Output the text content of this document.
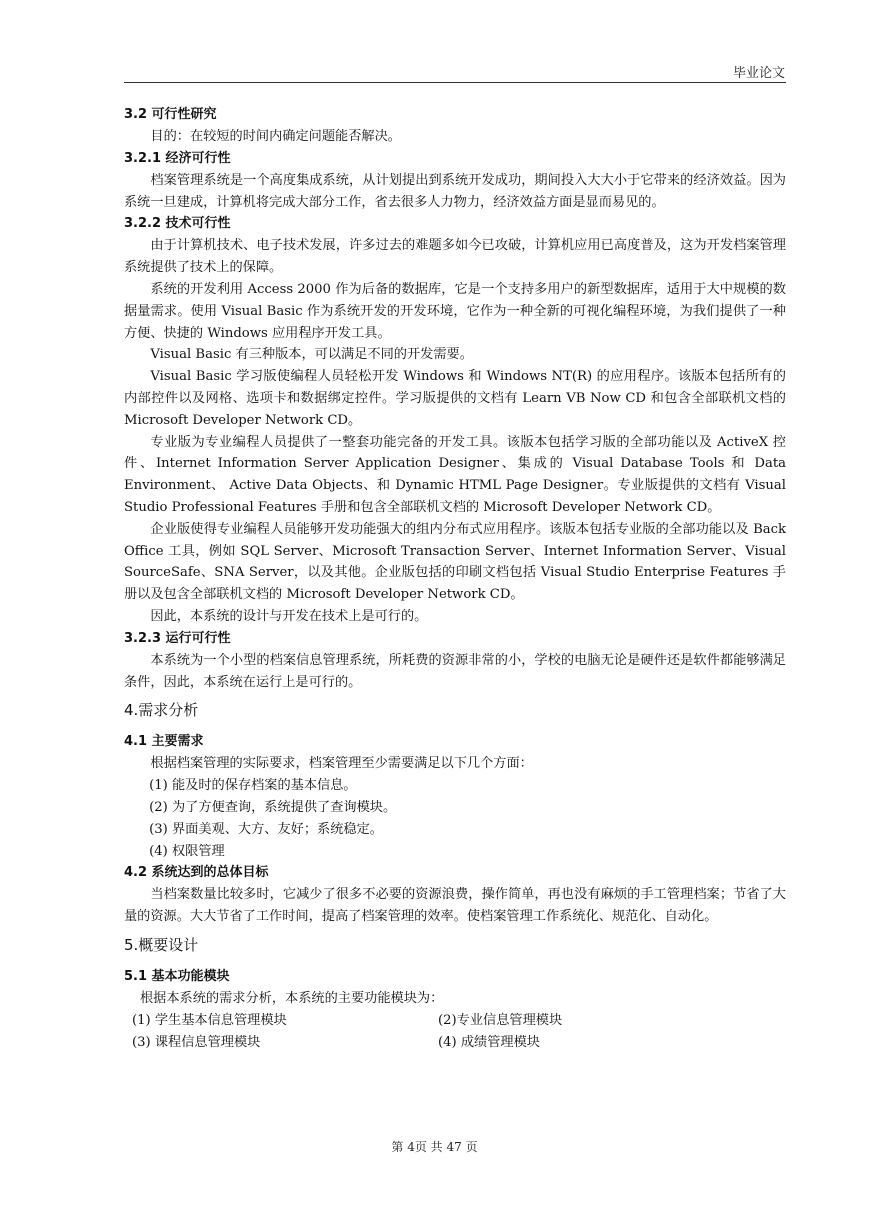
毕业论文
3.2 可行性研究
目的：在较短的时间内确定问题能否解决。
3.2.1 经济可行性
档案管理系统是一个高度集成系统，从计划提出到系统开发成功，期间投入大大小于它带来的经济效益。因为系统一旦建成，计算机将完成大部分工作，省去很多人力物力，经济效益方面是显而易见的。
3.2.2 技术可行性
由于计算机技术、电子技术发展，许多过去的难题多如今已攻破，计算机应用已高度普及，这为开发档案管理系统提供了技术上的保障。
系统的开发利用 Access 2000 作为后备的数据库，它是一个支持多用户的新型数据库，适用于大中规模的数据量需求。使用 Visual Basic 作为系统开发的开发环境，它作为一种全新的可视化编程环境，为我们提供了一种方便、快捷的 Windows 应用程序开发工具。
Visual Basic 有三种版本，可以满足不同的开发需要。
Visual Basic 学习版使编程人员轻松开发 Windows 和 Windows NT(R) 的应用程序。该版本包括所有的内部控件以及网格、选项卡和数据绑定控件。学习版提供的文档有 Learn VB Now CD 和包含全部联机文档的 Microsoft Developer Network CD。
专业版为专业编程人员提供了一整套功能完备的开发工具。该版本包括学习版的全部功能以及 ActiveX 控件、Internet Information Server Application Designer、集成的 Visual Database Tools 和 Data Environment、 Active Data Objects、和 Dynamic HTML Page Designer。专业版提供的文档有 Visual Studio Professional Features 手册和包含全部联机文档的 Microsoft Developer Network CD。
企业版使得专业编程人员能够开发功能强大的组内分布式应用程序。该版本包括专业版的全部功能以及 Back Office 工具，例如 SQL Server、Microsoft Transaction Server、Internet Information Server、Visual SourceSafe、SNA Server，以及其他。企业版包括的印刷文档包括 Visual Studio Enterprise Features 手册以及包含全部联机文档的 Microsoft Developer Network CD。
因此，本系统的设计与开发在技术上是可行的。
3.2.3 运行可行性
本系统为一个小型的档案信息管理系统，所耗费的资源非常的小，学校的电脑无论是硬件还是软件都能够满足条件，因此，本系统在运行上是可行的。
4.需求分析
4.1 主要需求
根据档案管理的实际要求，档案管理至少需要满足以下几个方面：
(1) 能及时的保存档案的基本信息。
(2) 为了方便查询，系统提供了查询模块。
(3) 界面美观、大方、友好；系统稳定。
(4) 权限管理
4.2 系统达到的总体目标
当档案数量比较多时，它减少了很多不必要的资源浪费，操作简单，再也没有麻烦的手工管理档案；节省了大量的资源。大大节省了工作时间，提高了档案管理的效率。使档案管理工作系统化、规范化、自动化。
5.概要设计
5.1 基本功能模块
根据本系统的需求分析，本系统的主要功能模块为：
(1) 学生基本信息管理模块	(2)专业信息管理模块
(3) 课程信息管理模块	(4) 成绩管理模块
第 4页 共 47 页
